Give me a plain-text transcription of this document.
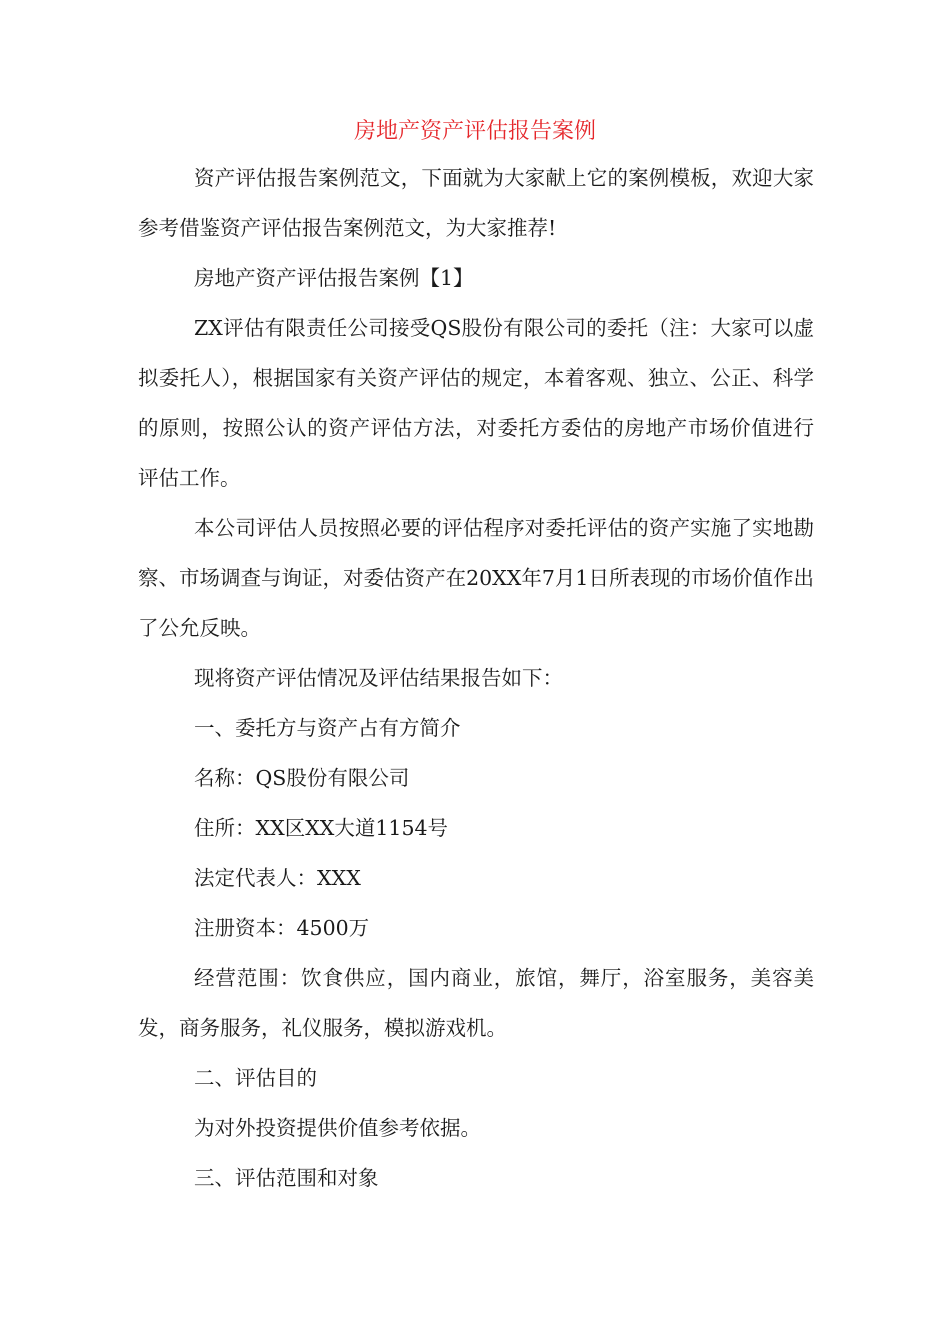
房地产资产评估报告案例

资产评估报告案例范文，下面就为大家献上它的案例模板，欢迎大家参考借鉴资产评估报告案例范文，为大家推荐!

房地产资产评估报告案例【1】

ZX评估有限责任公司接受QS股份有限公司的委托（注：大家可以虚拟委托人），根据国家有关资产评估的规定，本着客观、独立、公正、科学的原则，按照公认的资产评估方法，对委托方委估的房地产市场价值进行评估工作。

本公司评估人员按照必要的评估程序对委托评估的资产实施了实地勘察、市场调查与询证，对委估资产在20XX年7月1日所表现的市场价值作出了公允反映。

现将资产评估情况及评估结果报告如下：

一、委托方与资产占有方简介

名称：QS股份有限公司

住所：XX区XX大道1154号

法定代表人：XXX

注册资本：4500万

经营范围：饮食供应，国内商业，旅馆，舞厅，浴室服务，美容美发，商务服务，礼仪服务，模拟游戏机。

二、评估目的

为对外投资提供价值参考依据。

三、评估范围和对象
